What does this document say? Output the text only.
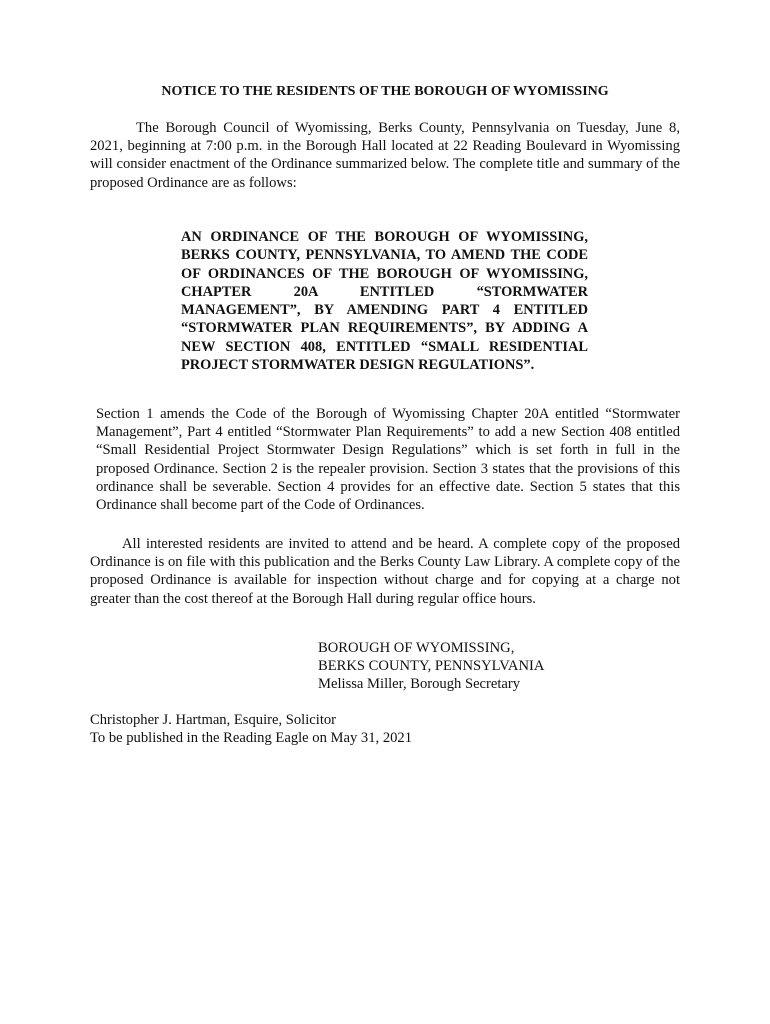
NOTICE TO THE RESIDENTS OF THE BOROUGH OF WYOMISSING

The Borough Council of Wyomissing, Berks County, Pennsylvania on Tuesday, June 8, 2021, beginning at 7:00 p.m. in the Borough Hall located at 22 Reading Boulevard in Wyomissing will consider enactment of the Ordinance summarized below. The complete title and summary of the proposed Ordinance are as follows:

AN ORDINANCE OF THE BOROUGH OF WYOMISSING, BERKS COUNTY, PENNSYLVANIA, TO AMEND THE CODE OF ORDINANCES OF THE BOROUGH OF WYOMISSING, CHAPTER 20A ENTITLED “STORMWATER MANAGEMENT”, BY AMENDING PART 4 ENTITLED “STORMWATER PLAN REQUIREMENTS”, BY ADDING A NEW SECTION 408, ENTITLED “SMALL RESIDENTIAL PROJECT STORMWATER DESIGN REGULATIONS”.

Section 1 amends the Code of the Borough of Wyomissing Chapter 20A entitled “Stormwater Management”, Part 4 entitled “Stormwater Plan Requirements” to add a new Section 408 entitled “Small Residential Project Stormwater Design Regulations” which is set forth in full in the proposed Ordinance. Section 2 is the repealer provision. Section 3 states that the provisions of this ordinance shall be severable. Section 4 provides for an effective date. Section 5 states that this Ordinance shall become part of the Code of Ordinances.

All interested residents are invited to attend and be heard. A complete copy of the proposed Ordinance is on file with this publication and the Berks County Law Library. A complete copy of the proposed Ordinance is available for inspection without charge and for copying at a charge not greater than the cost thereof at the Borough Hall during regular office hours.

BOROUGH OF WYOMISSING,
BERKS COUNTY, PENNSYLVANIA
Melissa Miller, Borough Secretary
Christopher J. Hartman, Esquire, Solicitor
To be published in the Reading Eagle on May 31, 2021
